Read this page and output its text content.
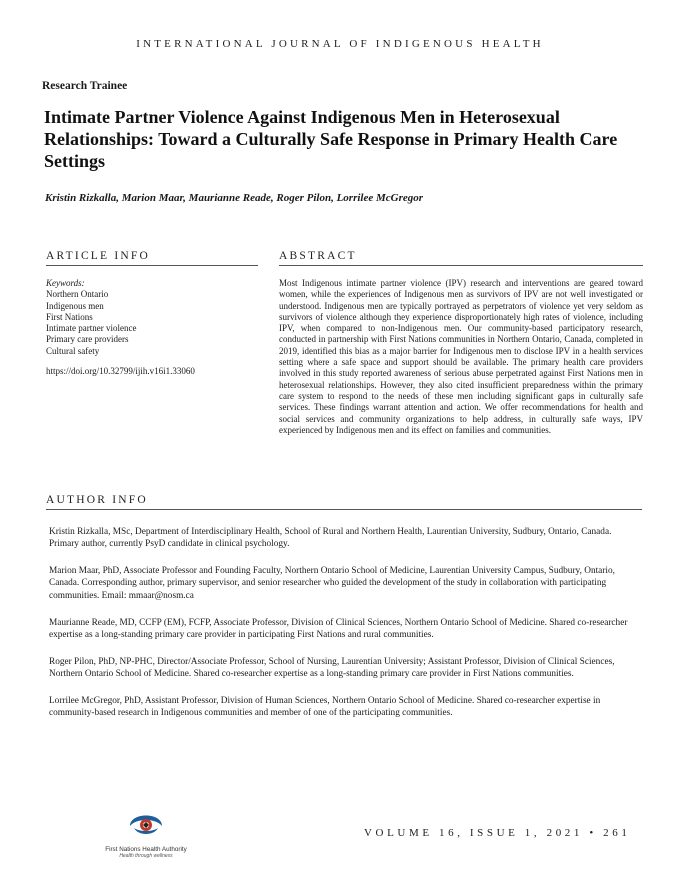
INTERNATIONAL JOURNAL OF INDIGENOUS HEALTH
Research Trainee
Intimate Partner Violence Against Indigenous Men in Heterosexual Relationships: Toward a Culturally Safe Response in Primary Health Care Settings
Kristin Rizkalla, Marion Maar, Maurianne Reade, Roger Pilon, Lorrilee McGregor
ARTICLE INFO
Keywords:
Northern Ontario
Indigenous men
First Nations
Intimate partner violence
Primary care providers
Cultural safety
https://doi.org/10.32799/ijih.v16i1.33060
ABSTRACT
Most Indigenous intimate partner violence (IPV) research and interventions are geared toward women, while the experiences of Indigenous men as survivors of IPV are not well investigated or understood. Indigenous men are typically portrayed as perpetrators of violence yet very seldom as survivors of violence although they experience disproportionately high rates of violence, including IPV, when compared to non-Indigenous men. Our community-based participatory research, conducted in partnership with First Nations communities in Northern Ontario, Canada, completed in 2019, identified this bias as a major barrier for Indigenous men to disclose IPV in a health services setting where a safe space and support should be available. The primary health care providers involved in this study reported awareness of serious abuse perpetrated against First Nations men in heterosexual relationships. However, they also cited insufficient preparedness within the primary care system to respond to the needs of these men including significant gaps in culturally safe services. These findings warrant attention and action. We offer recommendations for health and social services and community organizations to help address, in culturally safe ways, IPV experienced by Indigenous men and its effect on families and communities.
AUTHOR INFO

Kristin Rizkalla, MSc, Department of Interdisciplinary Health, School of Rural and Northern Health, Laurentian University, Sudbury, Ontario, Canada. Primary author, currently PsyD candidate in clinical psychology.

Marion Maar, PhD, Associate Professor and Founding Faculty, Northern Ontario School of Medicine, Laurentian University Campus, Sudbury, Ontario, Canada. Corresponding author, primary supervisor, and senior researcher who guided the development of the study in collaboration with participating communities. Email: mmaar@nosm.ca

Maurianne Reade, MD, CCFP (EM), FCFP, Associate Professor, Division of Clinical Sciences, Northern Ontario School of Medicine. Shared co-researcher expertise as a long-standing primary care provider in participating First Nations and rural communities.

Roger Pilon, PhD, NP-PHC, Director/Associate Professor, School of Nursing, Laurentian University; Assistant Professor, Division of Clinical Sciences, Northern Ontario School of Medicine. Shared co-researcher expertise as a long-standing primary care provider in First Nations communities.

Lorrilee McGregor, PhD, Assistant Professor, Division of Human Sciences, Northern Ontario School of Medicine. Shared co-researcher expertise in community-based research in Indigenous communities and member of one of the participating communities.

First Nations Health Authority
Health through wellness
VOLUME 16, ISSUE 1, 2021 • 261
